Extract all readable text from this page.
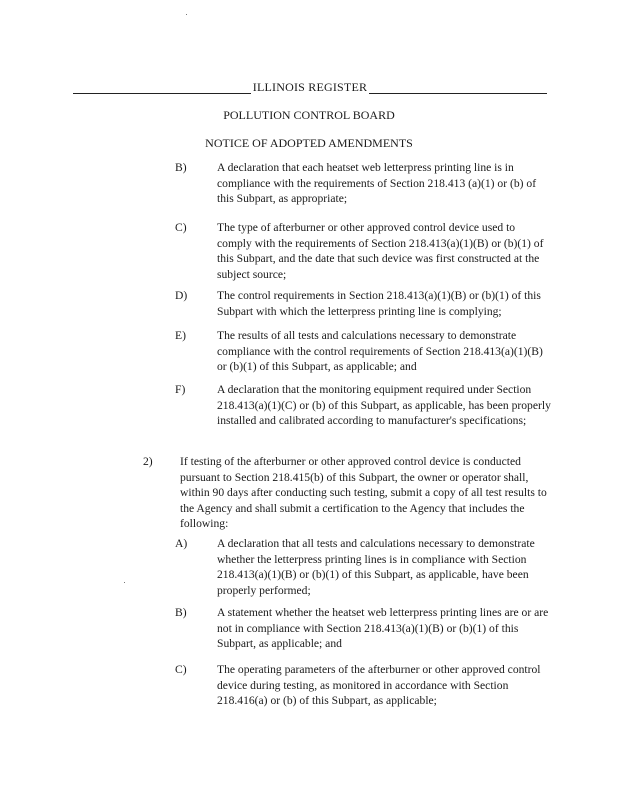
ILLINOIS REGISTER
POLLUTION CONTROL BOARD
NOTICE OF ADOPTED AMENDMENTS
B)	A declaration that each heatset web letterpress printing line is in compliance with the requirements of Section 218.413 (a)(1) or (b) of this Subpart, as appropriate;
C)	The type of afterburner or other approved control device used to comply with the requirements of Section 218.413(a)(1)(B) or (b)(1) of this Subpart, and the date that such device was first constructed at the subject source;
D)	The control requirements in Section 218.413(a)(1)(B) or (b)(1) of this Subpart with which the letterpress printing line is complying;
E)	The results of all tests and calculations necessary to demonstrate compliance with the control requirements of Section 218.413(a)(1)(B) or (b)(1) of this Subpart, as applicable; and
F)	A declaration that the monitoring equipment required under Section 218.413(a)(1)(C) or (b) of this Subpart, as applicable, has been properly installed and calibrated according to manufacturer's specifications;
2) If testing of the afterburner or other approved control device is conducted pursuant to Section 218.415(b) of this Subpart, the owner or operator shall, within 90 days after conducting such testing, submit a copy of all test results to the Agency and shall submit a certification to the Agency that includes the following:
A)	A declaration that all tests and calculations necessary to demonstrate whether the letterpress printing lines is in compliance with Section 218.413(a)(1)(B) or (b)(1) of this Subpart, as applicable, have been properly performed;
B)	A statement whether the heatset web letterpress printing lines are or are not in compliance with Section 218.413(a)(1)(B) or (b)(1) of this Subpart, as applicable; and
C)	The operating parameters of the afterburner or other approved control device during testing, as monitored in accordance with Section 218.416(a) or (b) of this Subpart, as applicable;
